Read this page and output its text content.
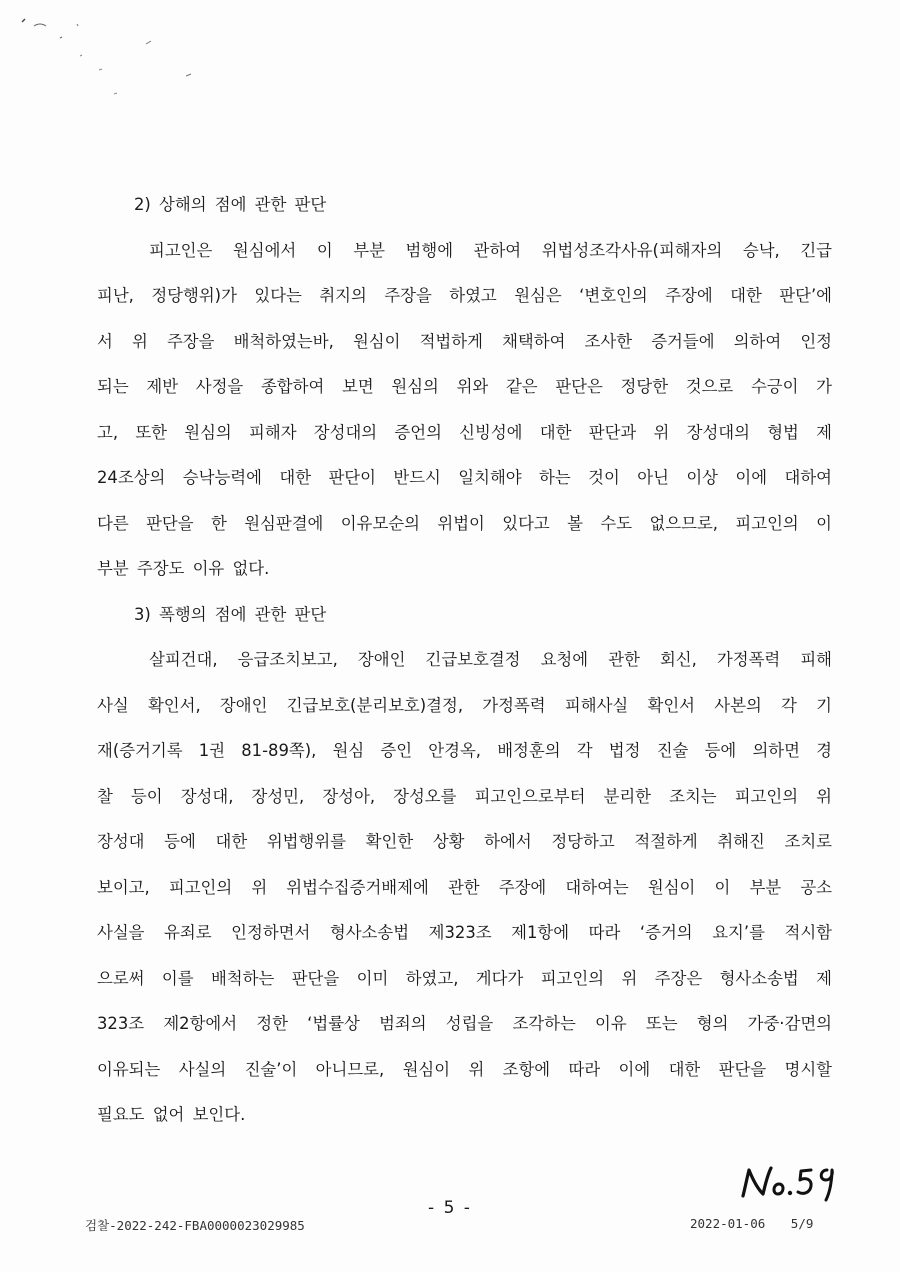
2) 상해의 점에 관한 판단
피고인은 원심에서 이 부분 범행에 관하여 위법성조각사유(피해자의 승낙, 긴급
피난, 정당행위)가 있다는 취지의 주장을 하였고 원심은 ‘변호인의 주장에 대한 판단’에
서 위 주장을 배척하였는바, 원심이 적법하게 채택하여 조사한 증거들에 의하여 인정
되는 제반 사정을 종합하여 보면 원심의 위와 같은 판단은 정당한 것으로 수긍이 가
고, 또한 원심의 피해자 장성대의 증언의 신빙성에 대한 판단과 위 장성대의 형법 제
24조상의 승낙능력에 대한 판단이 반드시 일치해야 하는 것이 아닌 이상 이에 대하여
다른 판단을 한 원심판결에 이유모순의 위법이 있다고 볼 수도 없으므로, 피고인의 이
부분 주장도 이유 없다.
3) 폭행의 점에 관한 판단
살피건대, 응급조치보고, 장애인 긴급보호결정 요청에 관한 회신, 가정폭력 피해
사실 확인서, 장애인 긴급보호(분리보호)결정, 가정폭력 피해사실 확인서 사본의 각 기
재(증거기록 1권 81-89쪽), 원심 증인 안경옥, 배정훈의 각 법정 진술 등에 의하면 경
찰 등이 장성대, 장성민, 장성아, 장성오를 피고인으로부터 분리한 조치는 피고인의 위
장성대 등에 대한 위법행위를 확인한 상황 하에서 정당하고 적절하게 취해진 조치로
보이고, 피고인의 위 위법수집증거배제에 관한 주장에 대하여는 원심이 이 부분 공소
사실을 유죄로 인정하면서 형사소송법 제323조 제1항에 따라 ‘증거의 요지’를 적시함
으로써 이를 배척하는 판단을 이미 하였고, 게다가 피고인의 위 주장은 형사소송법 제
323조 제2항에서 정한 ‘법률상 범죄의 성립을 조각하는 이유 또는 형의 가중·감면의
이유되는 사실의 진술’이 아니므로, 원심이 위 조항에 따라 이에 대한 판단을 명시할
필요도 없어 보인다.
- 5 -
검찰-2022-242-FBA0000023029985	2022-01-06 5/9
